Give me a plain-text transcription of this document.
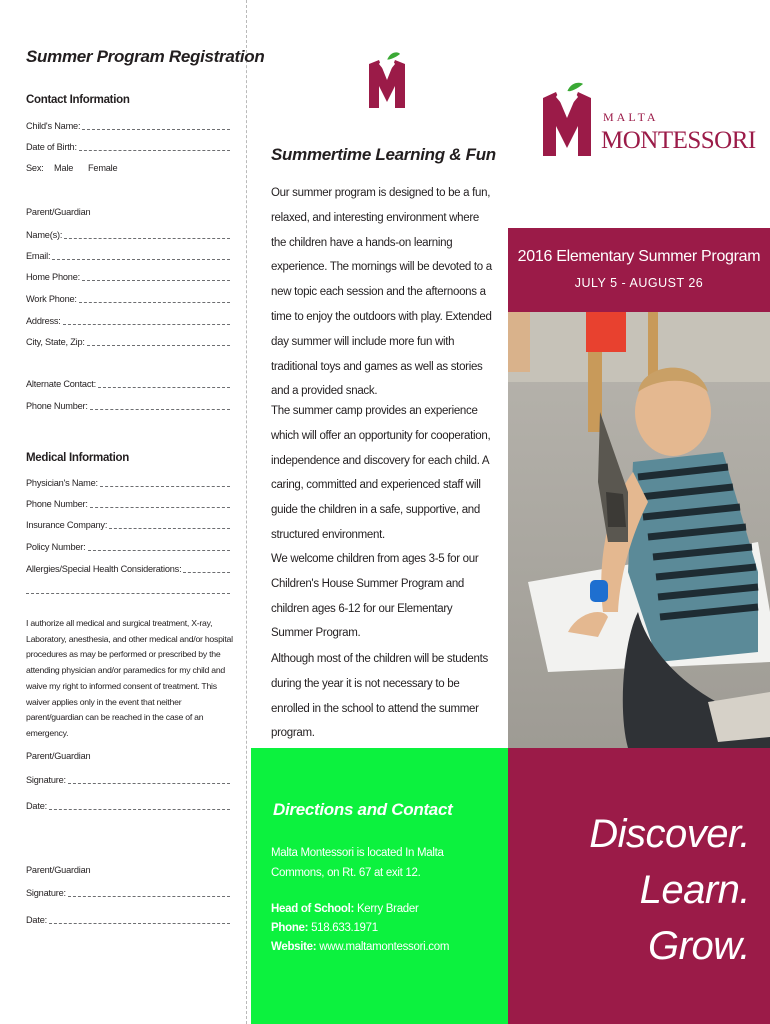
Summer Program Registration
Contact Information
Child's Name:
Date of Birth:
Sex: Male Female
Parent/Guardian
Name(s):
Email:
Home Phone:
Work Phone:
Address:
City, State, Zip:
Alternate Contact:
Phone Number:
Medical Information
Physician's Name:
Phone Number:
Insurance Company:
Policy Number:
Allergies/Special Health Considerations:
I authorize all medical and surgical treatment, X-ray, Laboratory, anesthesia, and other medical and/or hospital procedures as may be performed or prescribed by the attending physician and/or paramedics for my child and waive my right to informed consent of treatment. This waiver applies only in the event that neither parent/guardian can be reached in the case of an emergency.
Parent/Guardian
Signature:
Date:
Parent/Guardian
Signature:
Date:
Summertime Learning & Fun
Our summer program is designed to be a fun, relaxed, and interesting environment where the children have a hands-on learning experience. The mornings will be devoted to a new topic each session and the afternoons a time to enjoy the outdoors with play. Extended day summer will include more fun with traditional toys and games as well as stories and a provided snack.
The summer camp provides an experience which will offer an opportunity for cooperation, independence and discovery for each child. A caring, committed and experienced staff will guide the children in a safe, supportive, and structured environment.
We welcome children from ages 3-5 for our Children's House Summer Program and children ages 6-12 for our Elementary Summer Program.
Although most of the children will be students during the year it is not necessary to be enrolled in the school to attend the summer program.
MALTA
MONTESSORI
2016 Elementary Summer Program
JULY 5 - AUGUST 26
Directions and Contact
Malta Montessori is located In Malta Commons, on Rt. 67 at exit 12.
Head of School: Kerry Brader
Phone: 518.633.1971
Website: www.maltamontessori.com
Discover.
Learn.
Grow.
